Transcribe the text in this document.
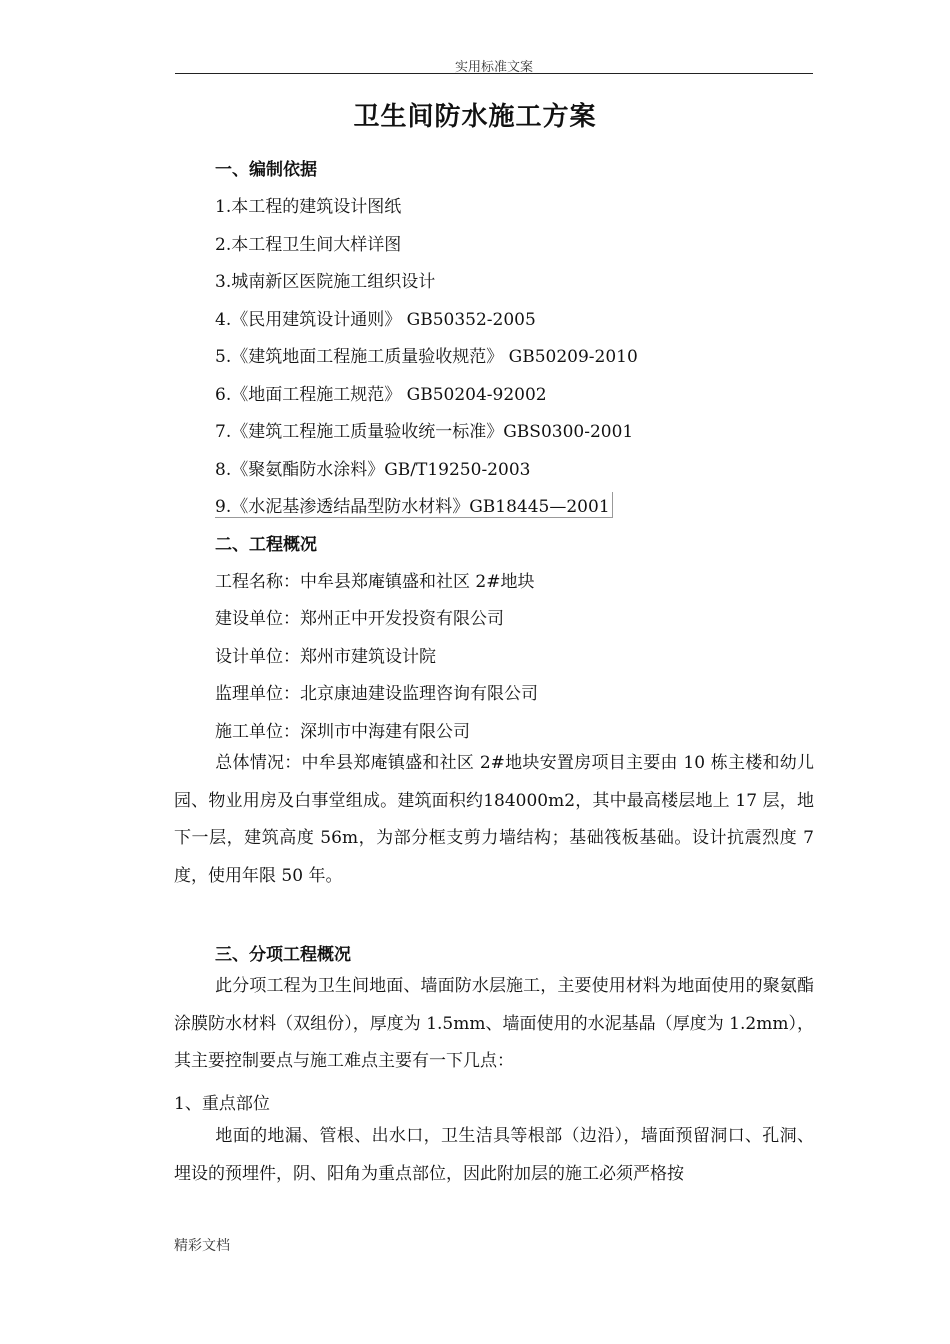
实用标准文案
卫生间防水施工方案
一、编制依据
1.本工程的建筑设计图纸
2.本工程卫生间大样详图
3.城南新区医院施工组织设计
4.《民用建筑设计通则》 GB50352-2005
5.《建筑地面工程施工质量验收规范》 GB50209-2010
6.《地面工程施工规范》 GB50204-92002
7.《建筑工程施工质量验收统一标准》GBS0300-2001
8.《聚氨酯防水涂料》GB/T19250-2003
9.《水泥基渗透结晶型防水材料》GB18445—2001
二、工程概况
工程名称：中牟县郑庵镇盛和社区 2#地块
建设单位：郑州正中开发投资有限公司
设计单位：郑州市建筑设计院
监理单位：北京康迪建设监理咨询有限公司
施工单位：深圳市中海建有限公司
总体情况：中牟县郑庵镇盛和社区 2#地块安置房项目主要由 10 栋主楼和幼儿园、物业用房及白事堂组成。建筑面积约184000m2，其中最高楼层地上 17 层，地下一层，建筑高度 56m，为部分框支剪力墙结构；基础筏板基础。设计抗震烈度 7 度，使用年限 50 年。
三、分项工程概况
此分项工程为卫生间地面、墙面防水层施工，主要使用材料为地面使用的聚氨酯涂膜防水材料（双组份），厚度为 1.5mm、墙面使用的水泥基晶（厚度为 1.2mm），其主要控制要点与施工难点主要有一下几点：
1、重点部位
地面的地漏、管根、出水口，卫生洁具等根部（边沿），墙面预留洞口、孔洞、埋设的预埋件，阴、阳角为重点部位，因此附加层的施工必须严格按
精彩文档
